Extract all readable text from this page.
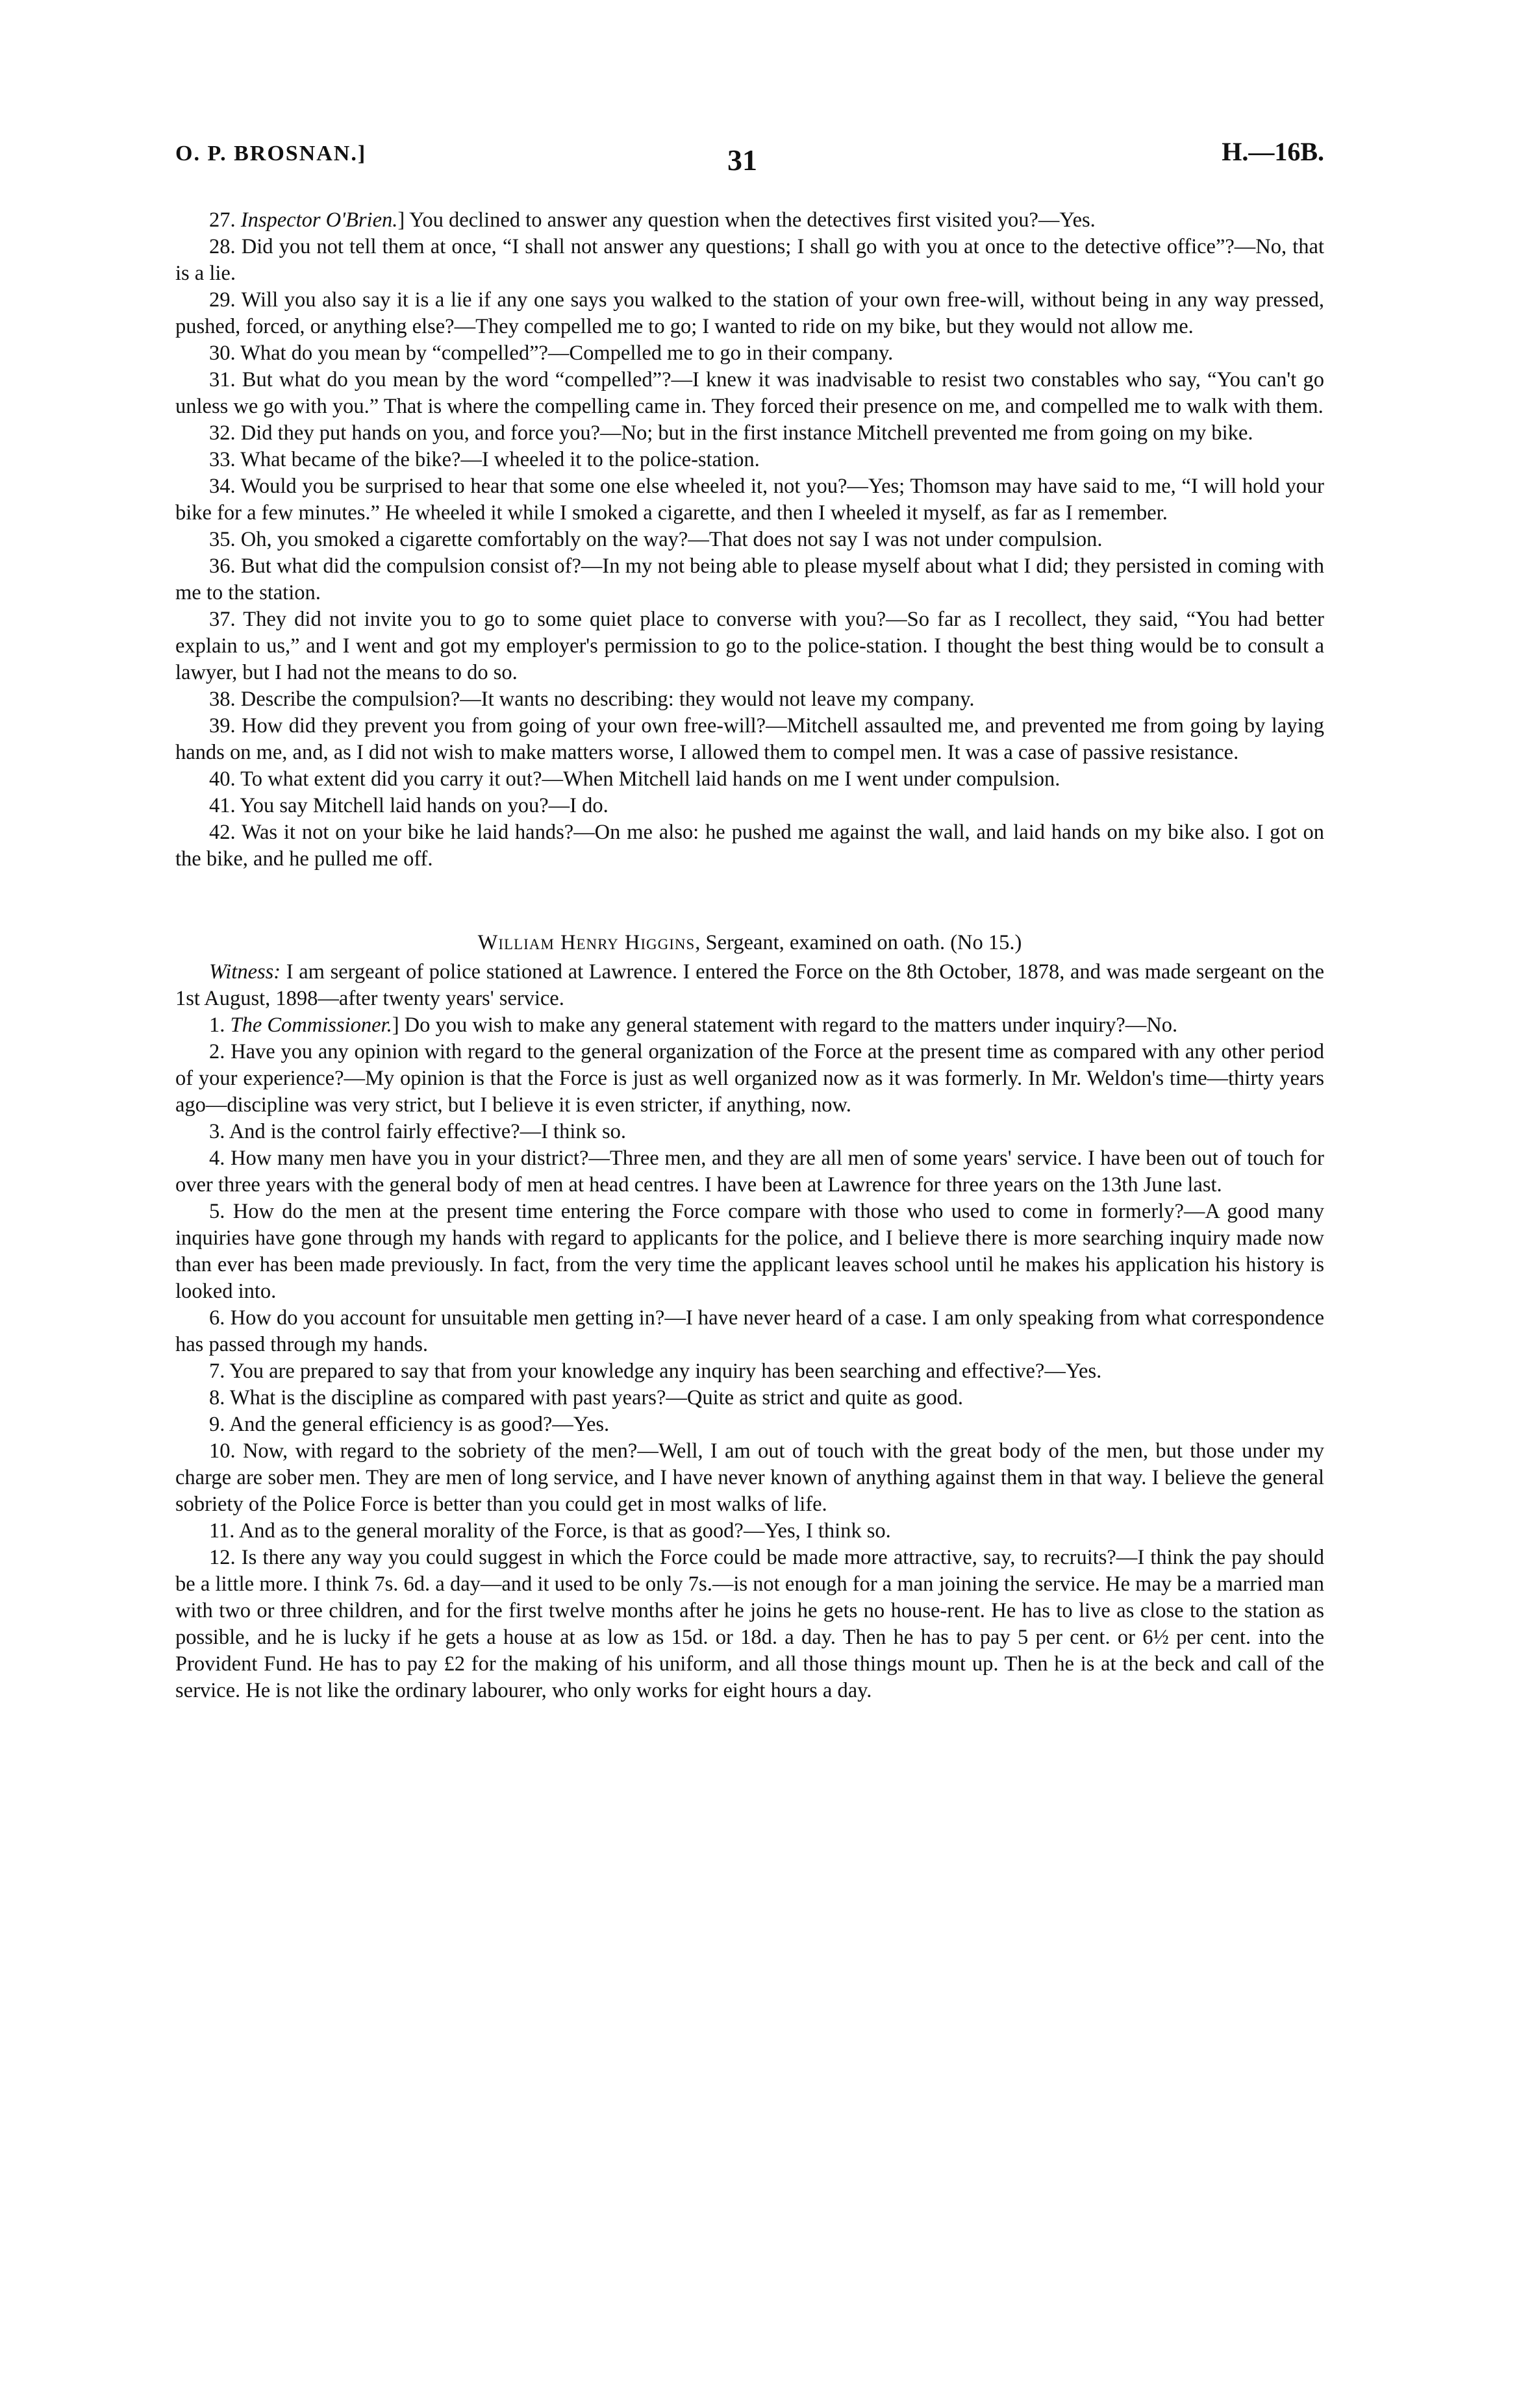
O. P. BROSNAN.]	H.—16B.
31

27. Inspector O'Brien.] You declined to answer any question when the detectives first visited you?—Yes.

28. Did you not tell them at once, “I shall not answer any questions; I shall go with you at once to the detective office”?—No, that is a lie.

29. Will you also say it is a lie if any one says you walked to the station of your own free-will, without being in any way pressed, pushed, forced, or anything else?—They compelled me to go; I wanted to ride on my bike, but they would not allow me.

30. What do you mean by “compelled”?—Compelled me to go in their company.

31. But what do you mean by the word “compelled”?—I knew it was inadvisable to resist two constables who say, “You can't go unless we go with you.” That is where the compelling came in. They forced their presence on me, and compelled me to walk with them.

32. Did they put hands on you, and force you?—No; but in the first instance Mitchell prevented me from going on my bike.

33. What became of the bike?—I wheeled it to the police-station.

34. Would you be surprised to hear that some one else wheeled it, not you?—Yes; Thomson may have said to me, “I will hold your bike for a few minutes.” He wheeled it while I smoked a cigarette, and then I wheeled it myself, as far as I remember.

35. Oh, you smoked a cigarette comfortably on the way?—That does not say I was not under compulsion.

36. But what did the compulsion consist of?—In my not being able to please myself about what I did; they persisted in coming with me to the station.

37. They did not invite you to go to some quiet place to converse with you?—So far as I recollect, they said, “You had better explain to us,” and I went and got my employer's permission to go to the police-station. I thought the best thing would be to consult a lawyer, but I had not the means to do so.

38. Describe the compulsion?—It wants no describing: they would not leave my company.

39. How did they prevent you from going of your own free-will?—Mitchell assaulted me, and prevented me from going by laying hands on me, and, as I did not wish to make matters worse, I allowed them to compel men. It was a case of passive resistance.

40. To what extent did you carry it out?—When Mitchell laid hands on me I went under compulsion.

41. You say Mitchell laid hands on you?—I do.

42. Was it not on your bike he laid hands?—On me also: he pushed me against the wall, and laid hands on my bike also. I got on the bike, and he pulled me off.

William Henry Higgins, Sergeant, examined on oath. (No 15.)

Witness: I am sergeant of police stationed at Lawrence. I entered the Force on the 8th October, 1878, and was made sergeant on the 1st August, 1898—after twenty years' service.

1. The Commissioner.] Do you wish to make any general statement with regard to the matters under inquiry?—No.

2. Have you any opinion with regard to the general organization of the Force at the present time as compared with any other period of your experience?—My opinion is that the Force is just as well organized now as it was formerly. In Mr. Weldon's time—thirty years ago—discipline was very strict, but I believe it is even stricter, if anything, now.

3. And is the control fairly effective?—I think so.

4. How many men have you in your district?—Three men, and they are all men of some years' service. I have been out of touch for over three years with the general body of men at head centres. I have been at Lawrence for three years on the 13th June last.

5. How do the men at the present time entering the Force compare with those who used to come in formerly?—A good many inquiries have gone through my hands with regard to applicants for the police, and I believe there is more searching inquiry made now than ever has been made previously. In fact, from the very time the applicant leaves school until he makes his application his history is looked into.

6. How do you account for unsuitable men getting in?—I have never heard of a case. I am only speaking from what correspondence has passed through my hands.

7. You are prepared to say that from your knowledge any inquiry has been searching and effective?—Yes.

8. What is the discipline as compared with past years?—Quite as strict and quite as good.

9. And the general efficiency is as good?—Yes.

10. Now, with regard to the sobriety of the men?—Well, I am out of touch with the great body of the men, but those under my charge are sober men. They are men of long service, and I have never known of anything against them in that way. I believe the general sobriety of the Police Force is better than you could get in most walks of life.

11. And as to the general morality of the Force, is that as good?—Yes, I think so.

12. Is there any way you could suggest in which the Force could be made more attractive, say, to recruits?—I think the pay should be a little more. I think 7s. 6d. a day—and it used to be only 7s.—is not enough for a man joining the service. He may be a married man with two or three children, and for the first twelve months after he joins he gets no house-rent. He has to live as close to the station as possible, and he is lucky if he gets a house at as low as 15d. or 18d. a day. Then he has to pay 5 per cent. or 6½ per cent. into the Provident Fund. He has to pay £2 for the making of his uniform, and all those things mount up. Then he is at the beck and call of the service. He is not like the ordinary labourer, who only works for eight hours a day.
